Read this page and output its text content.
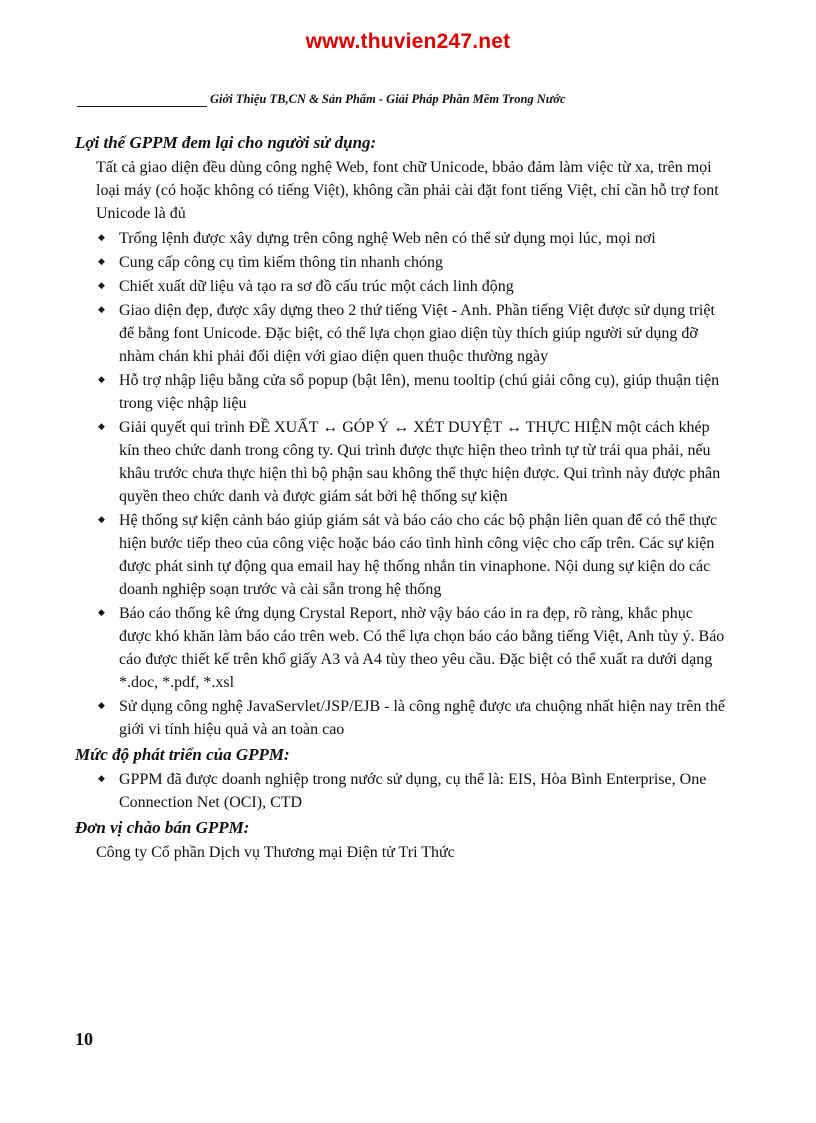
www.thuvien247.net
Giới Thiệu TB,CN & Sản Phẩm - Giải Pháp Phần Mềm Trong Nước
Lợi thế GPPM đem lại cho người sử dụng:
Tất cả giao diện đều dùng công nghệ Web, font chữ Unicode, bbảo đảm làm việc từ xa, trên mọi loại máy (có hoặc không có tiếng Việt), không cần phải cài đặt font tiếng Việt, chỉ cần hỗ trợ font Unicode là đủ
◆ Trống lệnh được xây dựng trên công nghệ Web nên có thể sử dụng mọi lúc, mọi nơi
◆ Cung cấp công cụ tìm kiếm thông tin nhanh chóng
◆ Chiết xuất dữ liệu và tạo ra sơ đồ cấu trúc một cách linh động
◆ Giao diện đẹp, được xây dựng theo 2 thứ tiếng Việt - Anh. Phần tiếng Việt được sử dụng triệt để bằng font Unicode. Đặc biệt, có thể lựa chọn giao diện tùy thích giúp người sử dụng đỡ nhàm chán khi phải đối diện với giao diện quen thuộc thường ngày
◆ Hỗ trợ nhập liệu bằng cửa sổ popup (bật lên), menu tooltip (chú giải công cụ), giúp thuận tiện trong việc nhập liệu
◆ Giải quyết qui trình ĐỀ XUẤT ↔ GÓP Ý ↔ XÉT DUYỆT ↔ THỰC HIỆN một cách khép kín theo chức danh trong công ty. Qui trình được thực hiện theo trình tự từ trái qua phải, nếu khâu trước chưa thực hiện thì bộ phận sau không thể thực hiện được. Qui trình này được phân quyền theo chức danh và được giám sát bởi hệ thống sự kiện
◆ Hệ thống sự kiện cảnh báo giúp giám sát và báo cáo cho các bộ phận liên quan để có thể thực hiện bước tiếp theo của công việc hoặc báo cáo tình hình công việc cho cấp trên. Các sự kiện được phát sinh tự động qua email hay hệ thống nhắn tin vinaphone. Nội dung sự kiện do các doanh nghiệp soạn trước và cài sẵn trong hệ thống
◆ Báo cáo thống kê ứng dụng Crystal Report, nhờ vậy báo cáo in ra đẹp, rõ ràng, khắc phục được khó khăn làm báo cáo trên web. Có thể lựa chọn báo cáo bằng tiếng Việt, Anh tùy ý. Báo cáo được thiết kế trên khổ giấy A3 và A4 tùy theo yêu cầu. Đặc biệt có thể xuất ra dưới dạng *.doc, *.pdf, *.xsl
◆ Sử dụng công nghệ JavaServlet/JSP/EJB - là công nghệ được ưa chuộng nhất hiện nay trên thế giới vi tính hiệu quả và an toàn cao
Mức độ phát triển của GPPM:
◆ GPPM đã được doanh nghiệp trong nước sử dụng, cụ thể là: EIS, Hòa Bình Enterprise, One Connection Net (OCI), CTD
Đơn vị chào bán GPPM:
Công ty Cổ phần Dịch vụ Thương mại Điện tử Tri Thức
10
